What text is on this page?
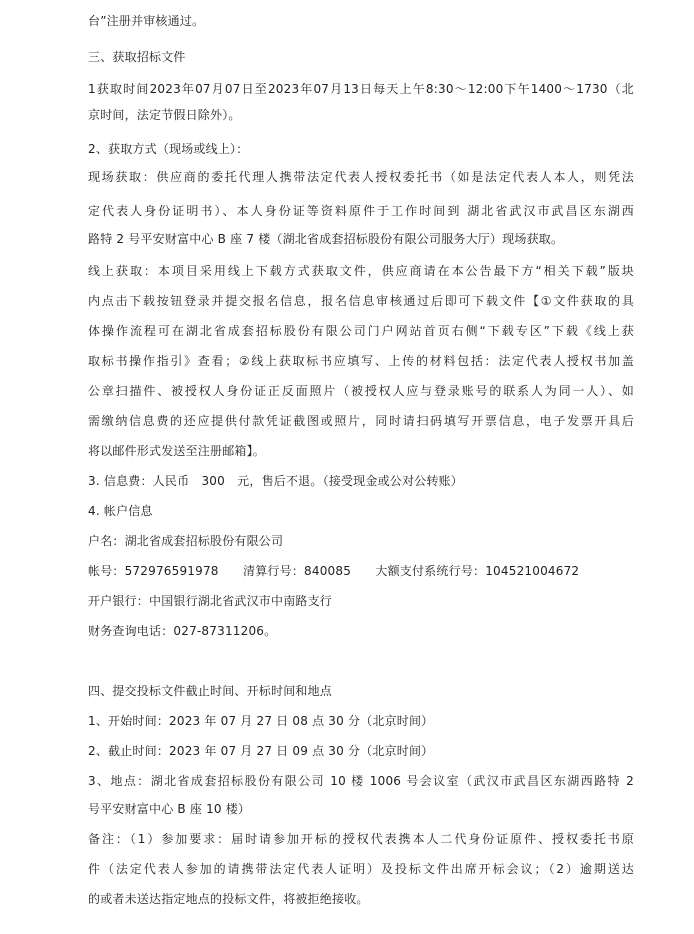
台”注册并审核通过。
三、获取招标文件
1获取时间2023年07月07日至2023年07月13日每天上午8:30～12:00下午1400～1730（北
京时间，法定节假日除外）。
2、获取方式（现场或线上）：
现场获取：供应商的委托代理人携带法定代表人授权委托书（如是法定代表人本人，则凭法
定代表人身份证明书）、本人身份证等资料原件于工作时间到 湖北省武汉市武昌区东湖西
路特 2 号平安财富中心 B 座 7 楼（湖北省成套招标股份有限公司服务大厅）现场获取。
线上获取：本项目采用线上下载方式获取文件，供应商请在本公告最下方“相关下载”版块
内点击下载按钮登录并提交报名信息，报名信息审核通过后即可下载文件【①文件获取的具
体操作流程可在湖北省成套招标股份有限公司门户网站首页右侧“下载专区”下载《线上获
取标书操作指引》查看；②线上获取标书应填写、上传的材料包括：法定代表人授权书加盖
公章扫描件、被授权人身份证正反面照片（被授权人应与登录账号的联系人为同一人）、如
需缴纳信息费的还应提供付款凭证截图或照片，同时请扫码填写开票信息，电子发票开具后
将以邮件形式发送至注册邮箱】。
3. 信息费：人民币　300　元，售后不退。（接受现金或公对公转账）
4. 帐户信息
户名：湖北省成套招标股份有限公司
帐号：572976591978　　清算行号：840085　　大额支付系统行号：104521004672
开户银行：中国银行湖北省武汉市中南路支行
财务查询电话：027-87311206。
四、提交投标文件截止时间、开标时间和地点
1、开始时间：2023 年 07 月 27 日 08 点 30 分（北京时间）
2、截止时间：2023 年 07 月 27 日 09 点 30 分（北京时间）
3、地点：湖北省成套招标股份有限公司 10 楼 1006 号会议室（武汉市武昌区东湖西路特 2
号平安财富中心 B 座 10 楼）
备注：（1）参加要求：届时请参加开标的授权代表携本人二代身份证原件、授权委托书原
件（法定代表人参加的请携带法定代表人证明）及投标文件出席开标会议；（2）逾期送达
的或者未送达指定地点的投标文件，将被拒绝接收。
